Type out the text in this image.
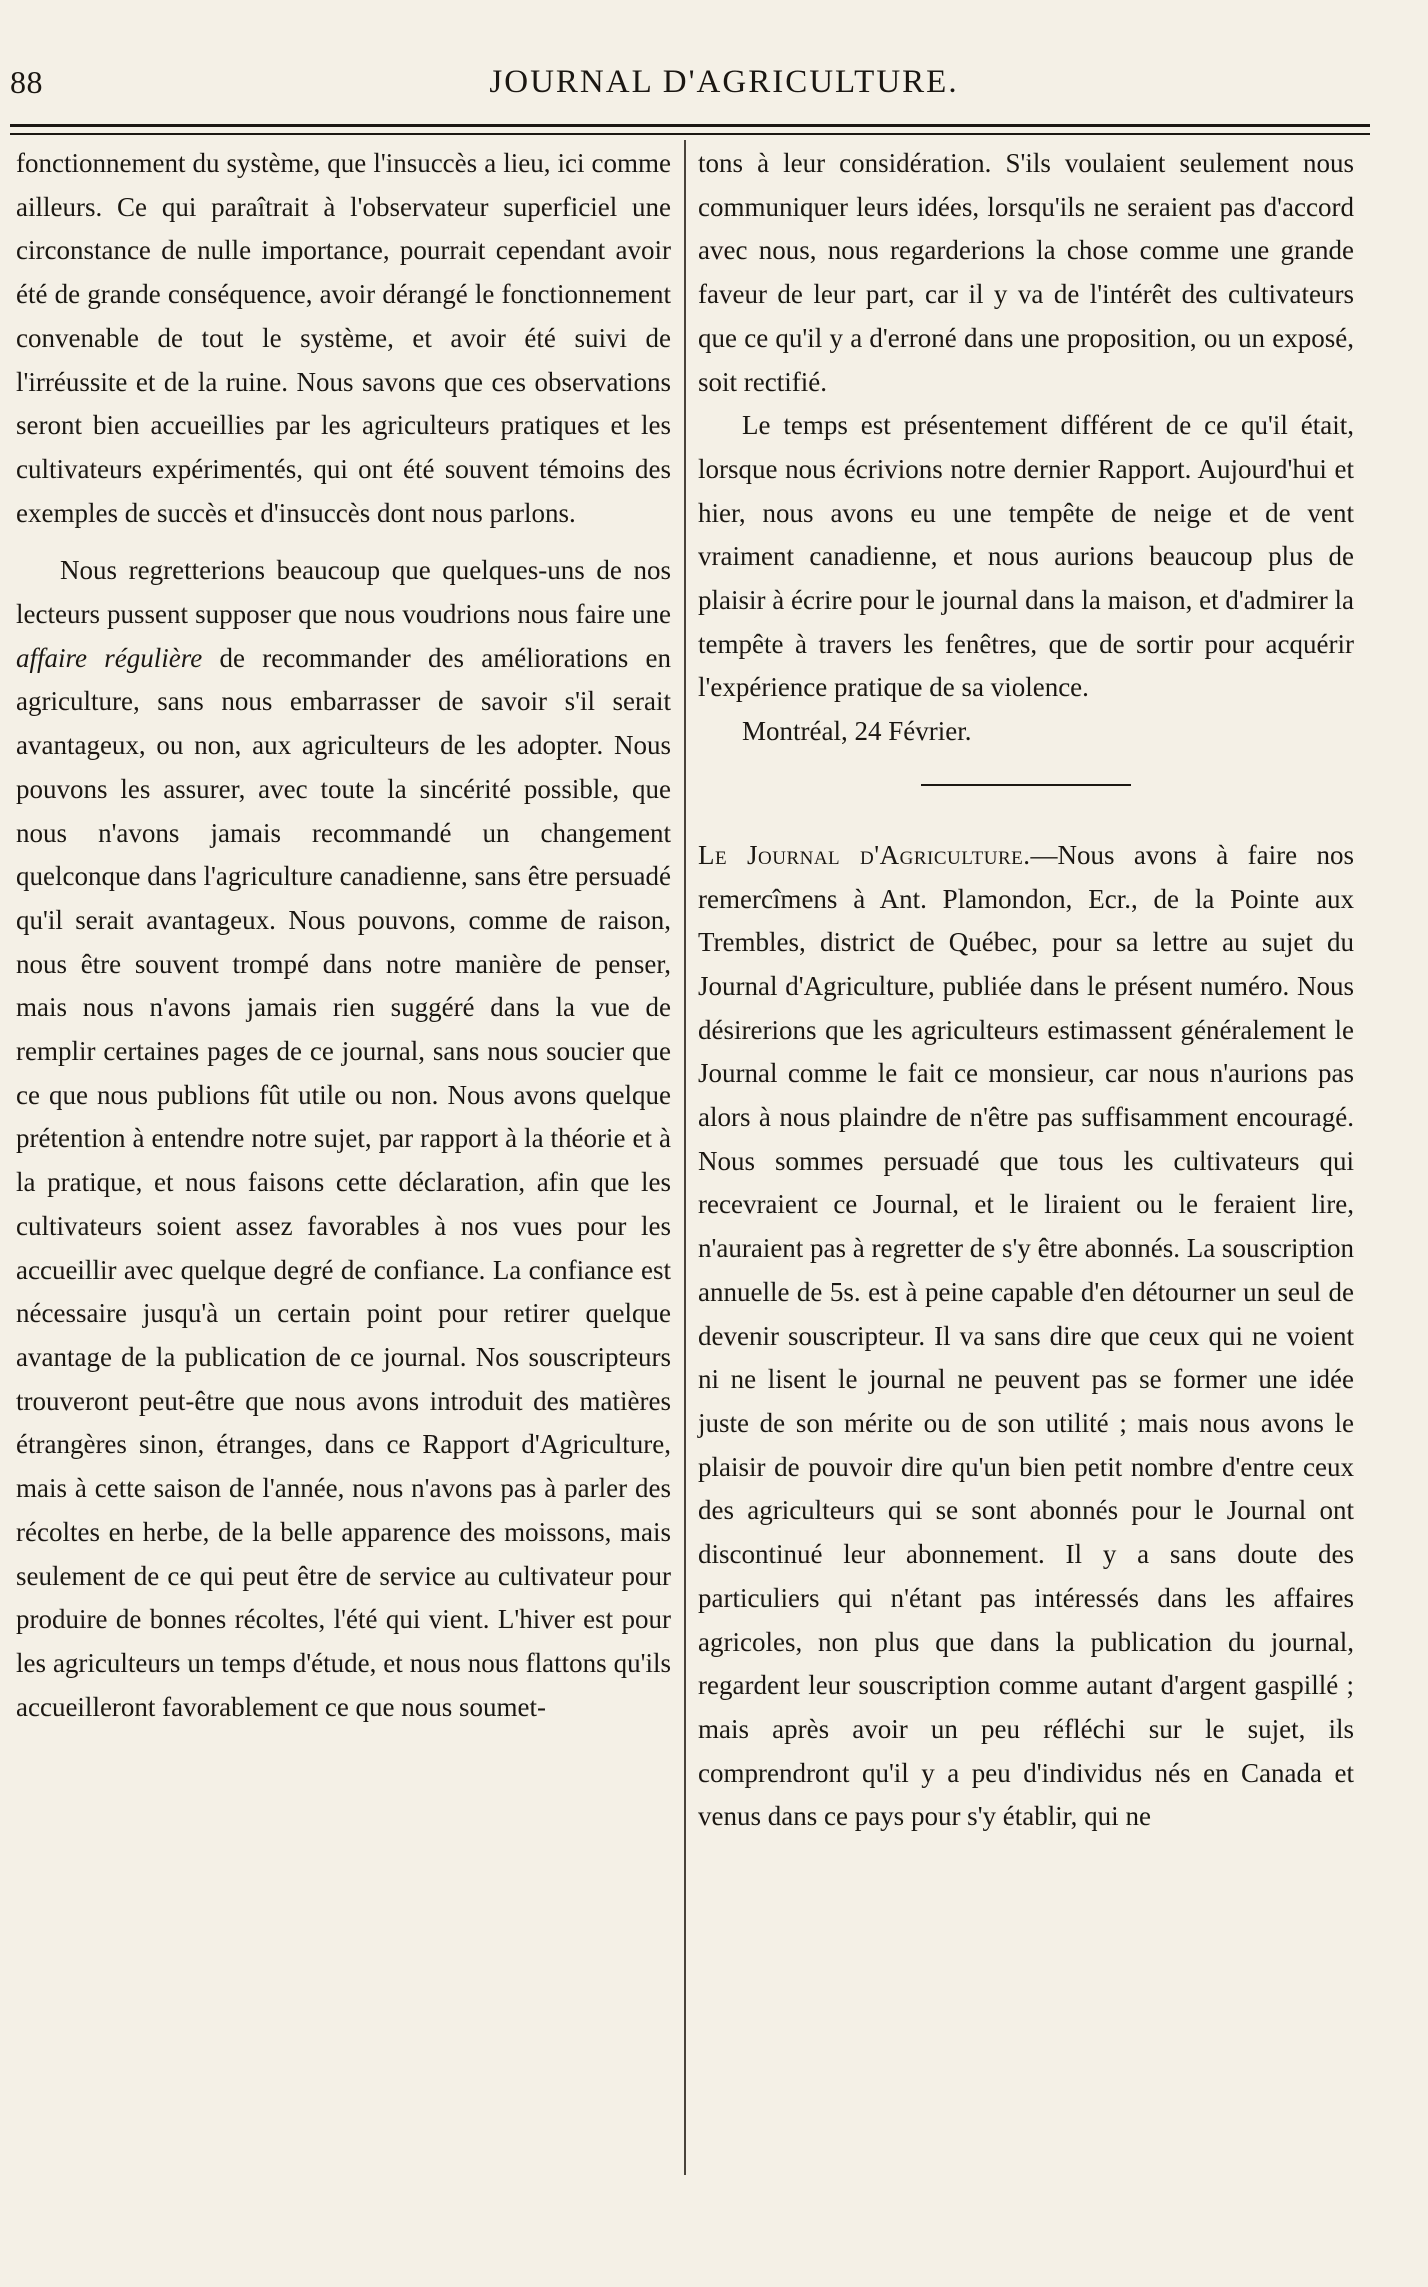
88	JOURNAL D'AGRICULTURE.

fonctionnement du système, que l'insuccès a lieu, ici comme ailleurs. Ce qui paraîtrait à l'observateur superficiel une circonstance de nulle importance, pourrait cependant avoir été de grande conséquence, avoir dérangé le fonctionnement convenable de tout le système, et avoir été suivi de l'irréussite et de la ruine. Nous savons que ces observations seront bien accueillies par les agriculteurs pratiques et les cultivateurs expérimentés, qui ont été souvent témoins des exemples de succès et d'insuccès dont nous parlons.

Nous regretterions beaucoup que quelques-uns de nos lecteurs pussent supposer que nous voudrions nous faire une affaire régulière de recommander des améliorations en agriculture, sans nous embarrasser de savoir s'il serait avantageux, ou non, aux agriculteurs de les adopter. Nous pouvons les assurer, avec toute la sincérité possible, que nous n'avons jamais recommandé un changement quelconque dans l'agriculture canadienne, sans être persuadé qu'il serait avantageux. Nous pouvons, comme de raison, nous être souvent trompé dans notre manière de penser, mais nous n'avons jamais rien suggéré dans la vue de remplir certaines pages de ce journal, sans nous soucier que ce que nous publions fût utile ou non. Nous avons quelque prétention à entendre notre sujet, par rapport à la théorie et à la pratique, et nous faisons cette déclaration, afin que les cultivateurs soient assez favorables à nos vues pour les accueillir avec quelque degré de confiance. La confiance est nécessaire jusqu'à un certain point pour retirer quelque avantage de la publication de ce journal. Nos souscripteurs trouveront peut-être que nous avons introduit des matières étrangères sinon, étranges, dans ce Rapport d'Agriculture, mais à cette saison de l'année, nous n'avons pas à parler des récoltes en herbe, de la belle apparence des moissons, mais seulement de ce qui peut être de service au cultivateur pour produire de bonnes récoltes, l'été qui vient. L'hiver est pour les agriculteurs un temps d'étude, et nous nous flattons qu'ils accueilleront favorablement ce que nous soumet-

tons à leur considération. S'ils voulaient seulement nous communiquer leurs idées, lorsqu'ils ne seraient pas d'accord avec nous, nous regarderions la chose comme une grande faveur de leur part, car il y va de l'intérêt des cultivateurs que ce qu'il y a d'erroné dans une proposition, ou un exposé, soit rectifié.

Le temps est présentement différent de ce qu'il était, lorsque nous écrivions notre dernier Rapport. Aujourd'hui et hier, nous avons eu une tempête de neige et de vent vraiment canadienne, et nous aurions beaucoup plus de plaisir à écrire pour le journal dans la maison, et d'admirer la tempête à travers les fenêtres, que de sortir pour acquérir l'expérience pratique de sa violence.

Montréal, 24 Février.

Le Journal d'Agriculture.—Nous avons à faire nos remercîmens à Ant. Plamondon, Ecr., de la Pointe aux Trembles, district de Québec, pour sa lettre au sujet du Journal d'Agriculture, publiée dans le présent numéro. Nous désirerions que les agriculteurs estimassent généralement le Journal comme le fait ce monsieur, car nous n'aurions pas alors à nous plaindre de n'être pas suffisamment encouragé. Nous sommes persuadé que tous les cultivateurs qui recevraient ce Journal, et le liraient ou le feraient lire, n'auraient pas à regretter de s'y être abonnés. La souscription annuelle de 5s. est à peine capable d'en détourner un seul de devenir souscripteur. Il va sans dire que ceux qui ne voient ni ne lisent le journal ne peuvent pas se former une idée juste de son mérite ou de son utilité ; mais nous avons le plaisir de pouvoir dire qu'un bien petit nombre d'entre ceux des agriculteurs qui se sont abonnés pour le Journal ont discontinué leur abonnement. Il y a sans doute des particuliers qui n'étant pas intéressés dans les affaires agricoles, non plus que dans la publication du journal, regardent leur souscription comme autant d'argent gaspillé ; mais après avoir un peu réfléchi sur le sujet, ils comprendront qu'il y a peu d'individus nés en Canada et venus dans ce pays pour s'y établir, qui ne
